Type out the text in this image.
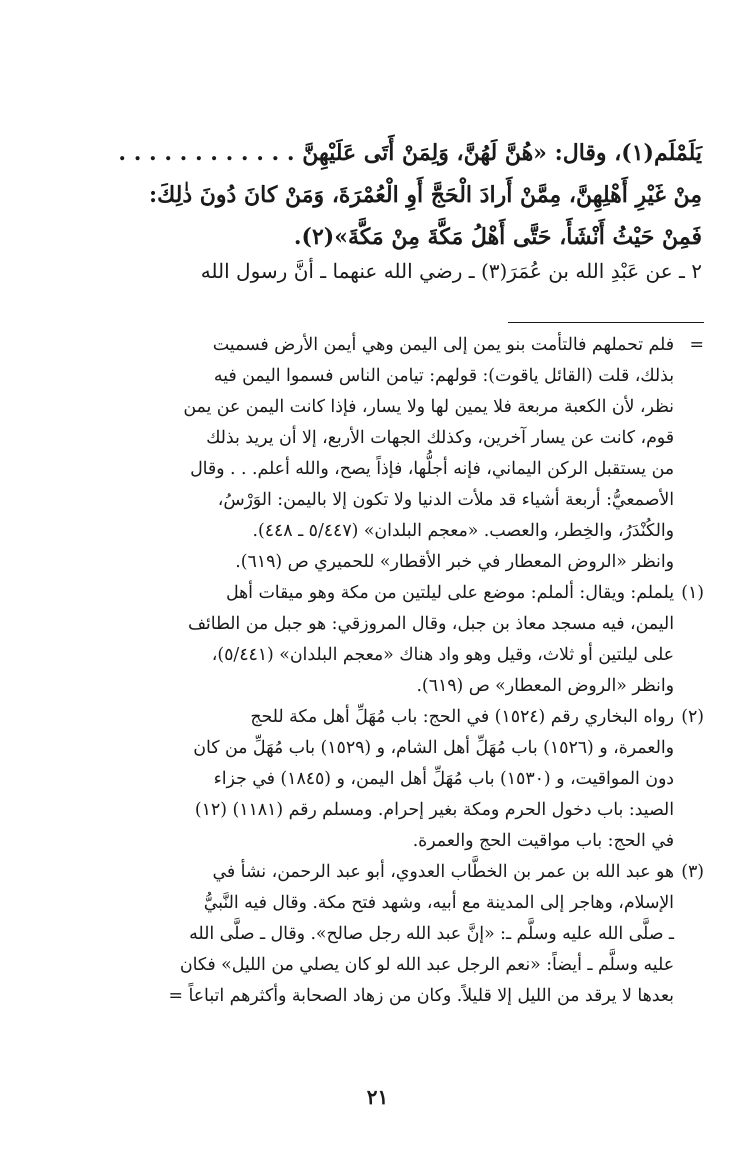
يَلَمْلَم(١)، وقال: «هُنَّ لَهُنَّ، وَلِمَنْ أَتَى عَلَيْهِنَّ . . . . . . . . . . . .

مِنْ غَيْرِ أَهْلِهِنَّ، مِمَّنْ أَرادَ الْحَجَّ أَوِ الْعُمْرَةَ، وَمَنْ كانَ دُونَ ذٰلِكَ:

فَمِنْ حَيْثُ أَنْشَأَ، حَتَّى أَهْلُ مَكَّةَ مِنْ مَكَّةَ»(٢).

٢ ـ عن عَبْدِ الله بن عُمَرَ(٣) ـ رضي الله عنهما ـ أنَّ رسول الله
=
فلم تحملهم فالتأمت بنو يمن إلى اليمن وهي أيمن الأرض فسميت
بذلك، قلت (القائل ياقوت): قولهم: تيامن الناس فسموا اليمن فيه
نظر، لأن الكعبة مربعة فلا يمين لها ولا يسار، فإذا كانت اليمن عن يمن
قوم، كانت عن يسار آخرين، وكذلك الجهات الأربع، إلا أن يريد بذلك
من يستقبل الركن اليماني، فإنه أجلُّها، فإذاً يصح، والله أعلم. . . وقال
الأصمعيُّ: أربعة أشياء قد ملأت الدنيا ولا تكون إلا باليمن: الوَرْسُ،
والكُنْدَرُ، والخِطر، والعصب. «معجم البلدان» (٥/٤٤٧ ـ ٤٤٨).
وانظر «الروض المعطار في خبر الأقطار» للحميري ص (٦١٩).
(١)
يلملم: ويقال: ألملم: موضع على ليلتين من مكة وهو ميقات أهل
اليمن، فيه مسجد معاذ بن جبل، وقال المروزقي: هو جبل من الطائف
على ليلتين أو ثلاث، وقيل وهو واد هناك «معجم البلدان» (٥/٤٤١)،
وانظر «الروض المعطار» ص (٦١٩).
(٢)
رواه البخاري رقم (١٥٢٤) في الحج: باب مُهَلِّ أهل مكة للحج
والعمرة، و (١٥٢٦) باب مُهَلِّ أهل الشام، و (١٥٢٩) باب مُهَلِّ من كان
دون المواقيت، و (١٥٣٠) باب مُهَلِّ أهل اليمن، و (١٨٤٥) في جزاء
الصيد: باب دخول الحرم ومكة بغير إحرام. ومسلم رقم (١١٨١) (١٢)
في الحج: باب مواقيت الحج والعمرة.
(٣)
هو عبد الله بن عمر بن الخطَّاب العدوي، أبو عبد الرحمن، نشأ في
الإسلام، وهاجر إلى المدينة مع أبيه، وشهد فتح مكة. وقال فيه النَّبيُّ
ـ صلَّى الله عليه وسلَّم ـ: «إنَّ عبد الله رجل صالح». وقال ـ صلَّى الله
عليه وسلَّم ـ أيضاً: «نعم الرجل عبد الله لو كان يصلي من الليل» فكان
بعدها لا يرقد من الليل إلا قليلاً. وكان من زهاد الصحابة وأكثرهم اتباعاً =
٢١
